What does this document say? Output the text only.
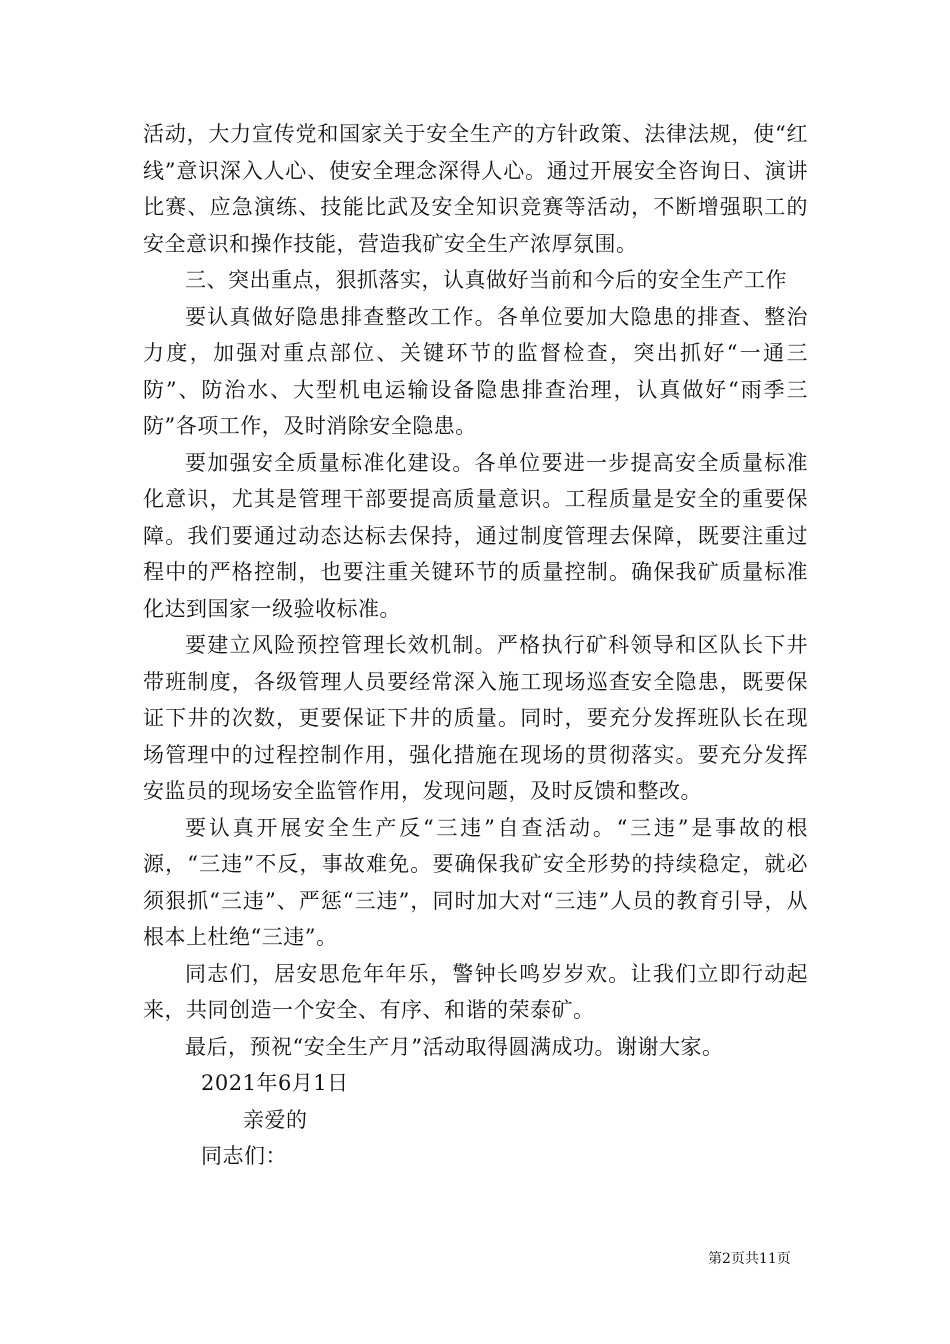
活动，大力宣传党和国家关于安全生产的方针政策、法律法规，使“红线”意识深入人心、使安全理念深得人心。通过开展安全咨询日、演讲比赛、应急演练、技能比武及安全知识竞赛等活动，不断增强职工的安全意识和操作技能，营造我矿安全生产浓厚氛围。

三、突出重点，狠抓落实，认真做好当前和今后的安全生产工作

要认真做好隐患排查整改工作。各单位要加大隐患的排查、整治力度，加强对重点部位、关键环节的监督检查，突出抓好“一通三防”、防治水、大型机电运输设备隐患排查治理，认真做好“雨季三防”各项工作，及时消除安全隐患。

要加强安全质量标准化建设。各单位要进一步提高安全质量标准化意识，尤其是管理干部要提高质量意识。工程质量是安全的重要保障。我们要通过动态达标去保持，通过制度管理去保障，既要注重过程中的严格控制，也要注重关键环节的质量控制。确保我矿质量标准化达到国家一级验收标准。

要建立风险预控管理长效机制。严格执行矿科领导和区队长下井带班制度，各级管理人员要经常深入施工现场巡查安全隐患，既要保证下井的次数，更要保证下井的质量。同时，要充分发挥班队长在现场管理中的过程控制作用，强化措施在现场的贯彻落实。要充分发挥安监员的现场安全监管作用，发现问题，及时反馈和整改。

要认真开展安全生产反“三违”自查活动。“三违”是事故的根源，“三违”不反，事故难免。要确保我矿安全形势的持续稳定，就必须狠抓“三违”、严惩“三违”，同时加大对“三违”人员的教育引导，从根本上杜绝“三违”。

同志们，居安思危年年乐，警钟长鸣岁岁欢。让我们立即行动起来，共同创造一个安全、有序、和谐的荣泰矿。

最后，预祝“安全生产月”活动取得圆满成功。谢谢大家。

2021年6月1日

亲爱的

同志们：

第2页共11页
